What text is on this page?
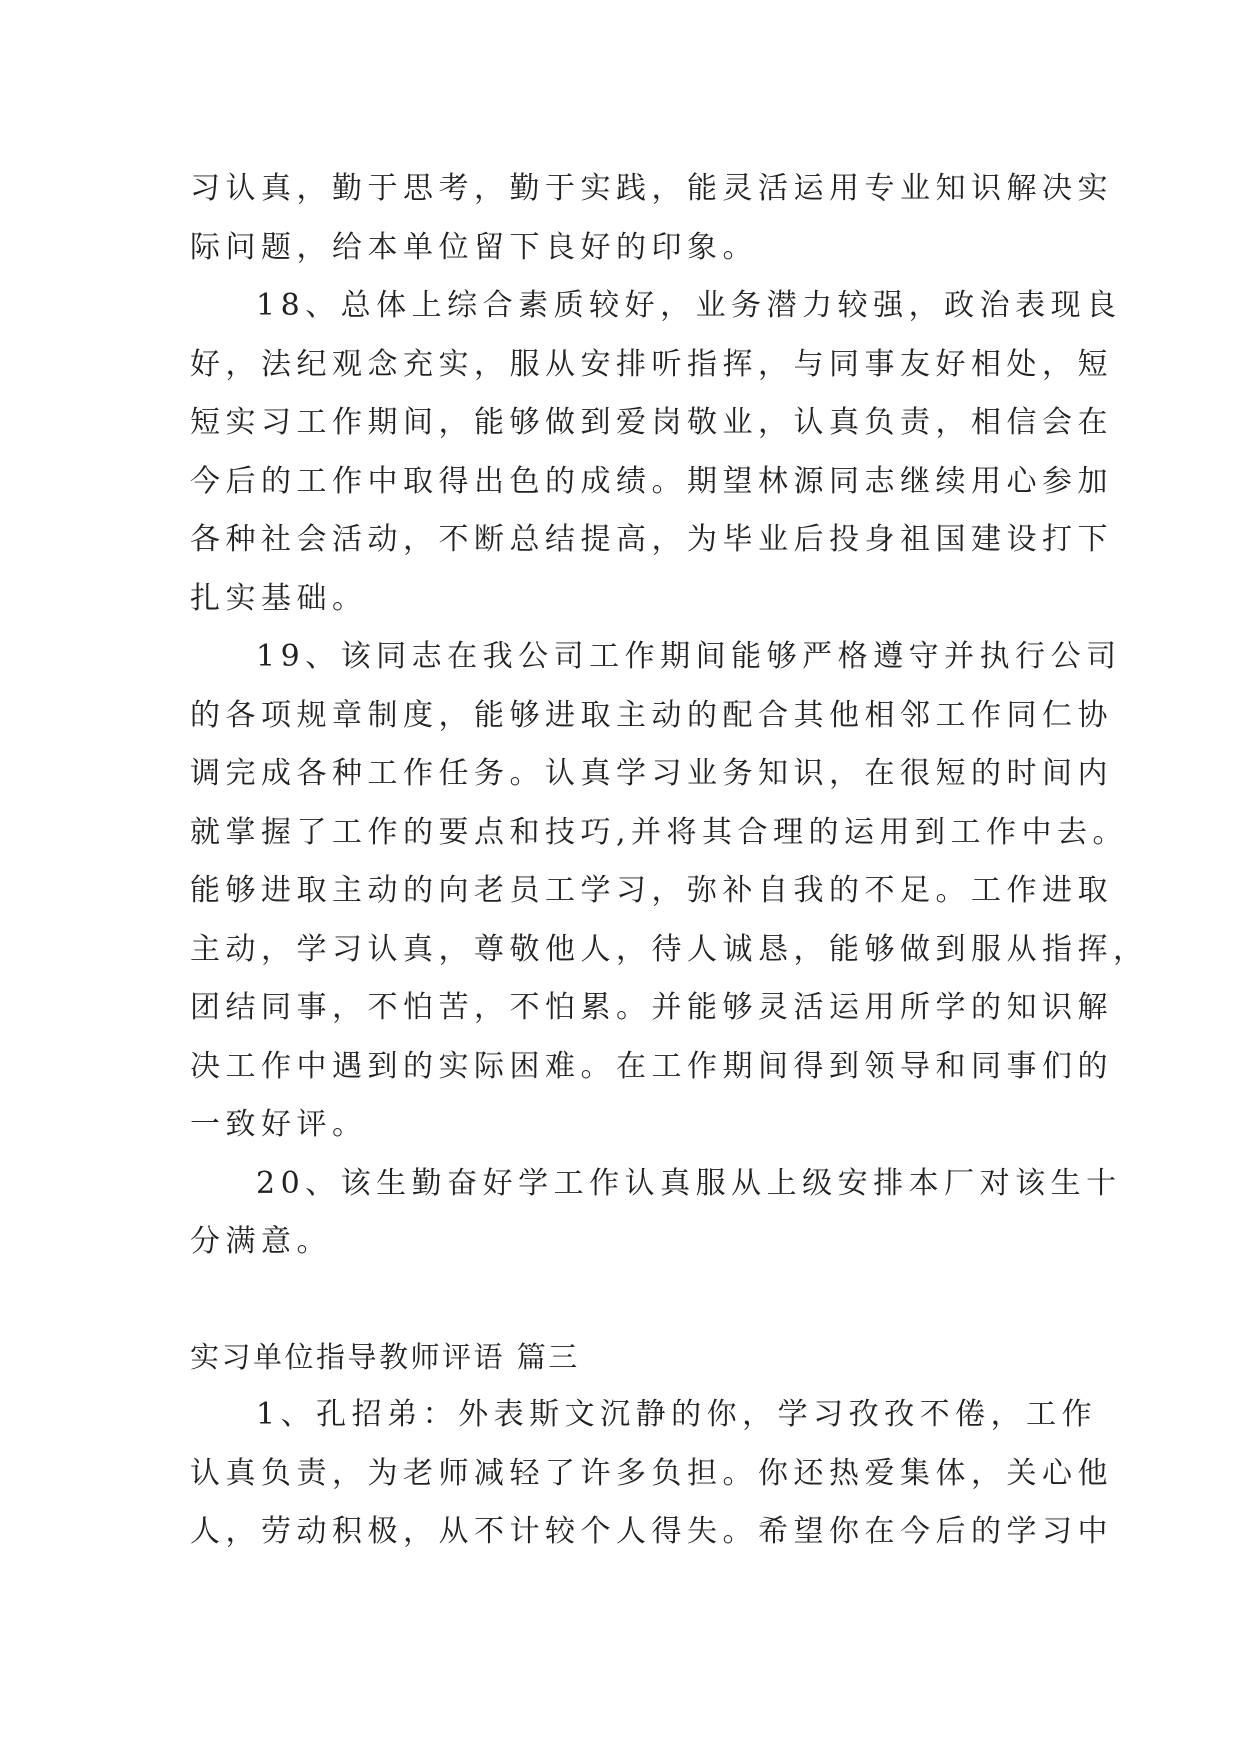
习认真，勤于思考，勤于实践，能灵活运用专业知识解决实
际问题，给本单位留下良好的印象。
18、总体上综合素质较好，业务潜力较强，政治表现良
好，法纪观念充实，服从安排听指挥，与同事友好相处，短
短实习工作期间，能够做到爱岗敬业，认真负责，相信会在
今后的工作中取得出色的成绩。期望林源同志继续用心参加
各种社会活动，不断总结提高，为毕业后投身祖国建设打下
扎实基础。
19、该同志在我公司工作期间能够严格遵守并执行公司
的各项规章制度，能够进取主动的配合其他相邻工作同仁协
调完成各种工作任务。认真学习业务知识，在很短的时间内
就掌握了工作的要点和技巧,并将其合理的运用到工作中去。
能够进取主动的向老员工学习，弥补自我的不足。工作进取
主动，学习认真，尊敬他人，待人诚恳，能够做到服从指挥，
团结同事，不怕苦，不怕累。并能够灵活运用所学的知识解
决工作中遇到的实际困难。在工作期间得到领导和同事们的
一致好评。
20、该生勤奋好学工作认真服从上级安排本厂对该生十
分满意。
实习单位指导教师评语 篇三
1、孔招弟：外表斯文沉静的你，学习孜孜不倦，工作
认真负责，为老师减轻了许多负担。你还热爱集体，关心他
人，劳动积极，从不计较个人得失。希望你在今后的学习中
